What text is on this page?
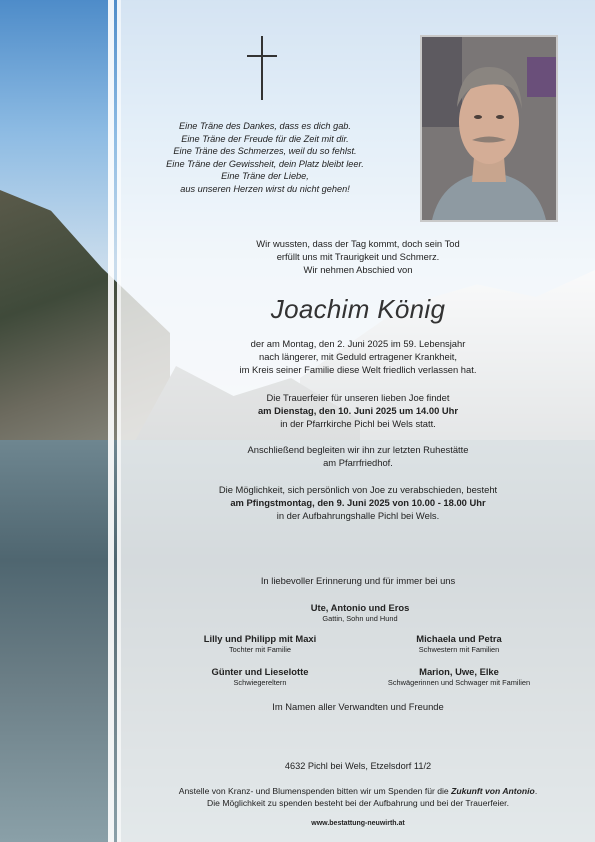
Eine Träne des Dankes, dass es dich gab.
Eine Träne der Freude für die Zeit mit dir.
Eine Träne des Schmerzes, weil du so fehlst.
Eine Träne der Gewissheit, dein Platz bleibt leer.
Eine Träne der Liebe,
aus unseren Herzen wirst du nicht gehen!
Wir wussten, dass der Tag kommt, doch sein Tod
erfüllt uns mit Traurigkeit und Schmerz.
Wir nehmen Abschied von
Joachim König
der am Montag, den 2. Juni 2025 im 59. Lebensjahr
nach längerer, mit Geduld ertragener Krankheit,
im Kreis seiner Familie diese Welt friedlich verlassen hat.
Die Trauerfeier für unseren lieben Joe findet
am Dienstag, den 10. Juni 2025 um 14.00 Uhr
in der Pfarrkirche Pichl bei Wels statt.
Anschließend begleiten wir ihn zur letzten Ruhestätte
am Pfarrfriedhof.
Die Möglichkeit, sich persönlich von Joe zu verabschieden, besteht
am Pfingstmontag, den 9. Juni 2025 von 10.00 - 18.00 Uhr
in der Aufbahrungshalle Pichl bei Wels.
In liebevoller Erinnerung und für immer bei uns
Ute, Antonio und Eros
Gattin, Sohn und Hund
Lilly und Philipp mit Maxi
Tochter mit Familie
Michaela und Petra
Schwestern mit Familien
Günter und Lieselotte
Schwiegereltern
Marion, Uwe, Elke
Schwägerinnen und Schwager mit Familien
Im Namen aller Verwandten und Freunde
4632 Pichl bei Wels, Etzelsdorf 11/2
Anstelle von Kranz- und Blumenspenden bitten wir um Spenden für die Zukunft von Antonio.
Die Möglichkeit zu spenden besteht bei der Aufbahrung und bei der Trauerfeier.
www.bestattung-neuwirth.at
